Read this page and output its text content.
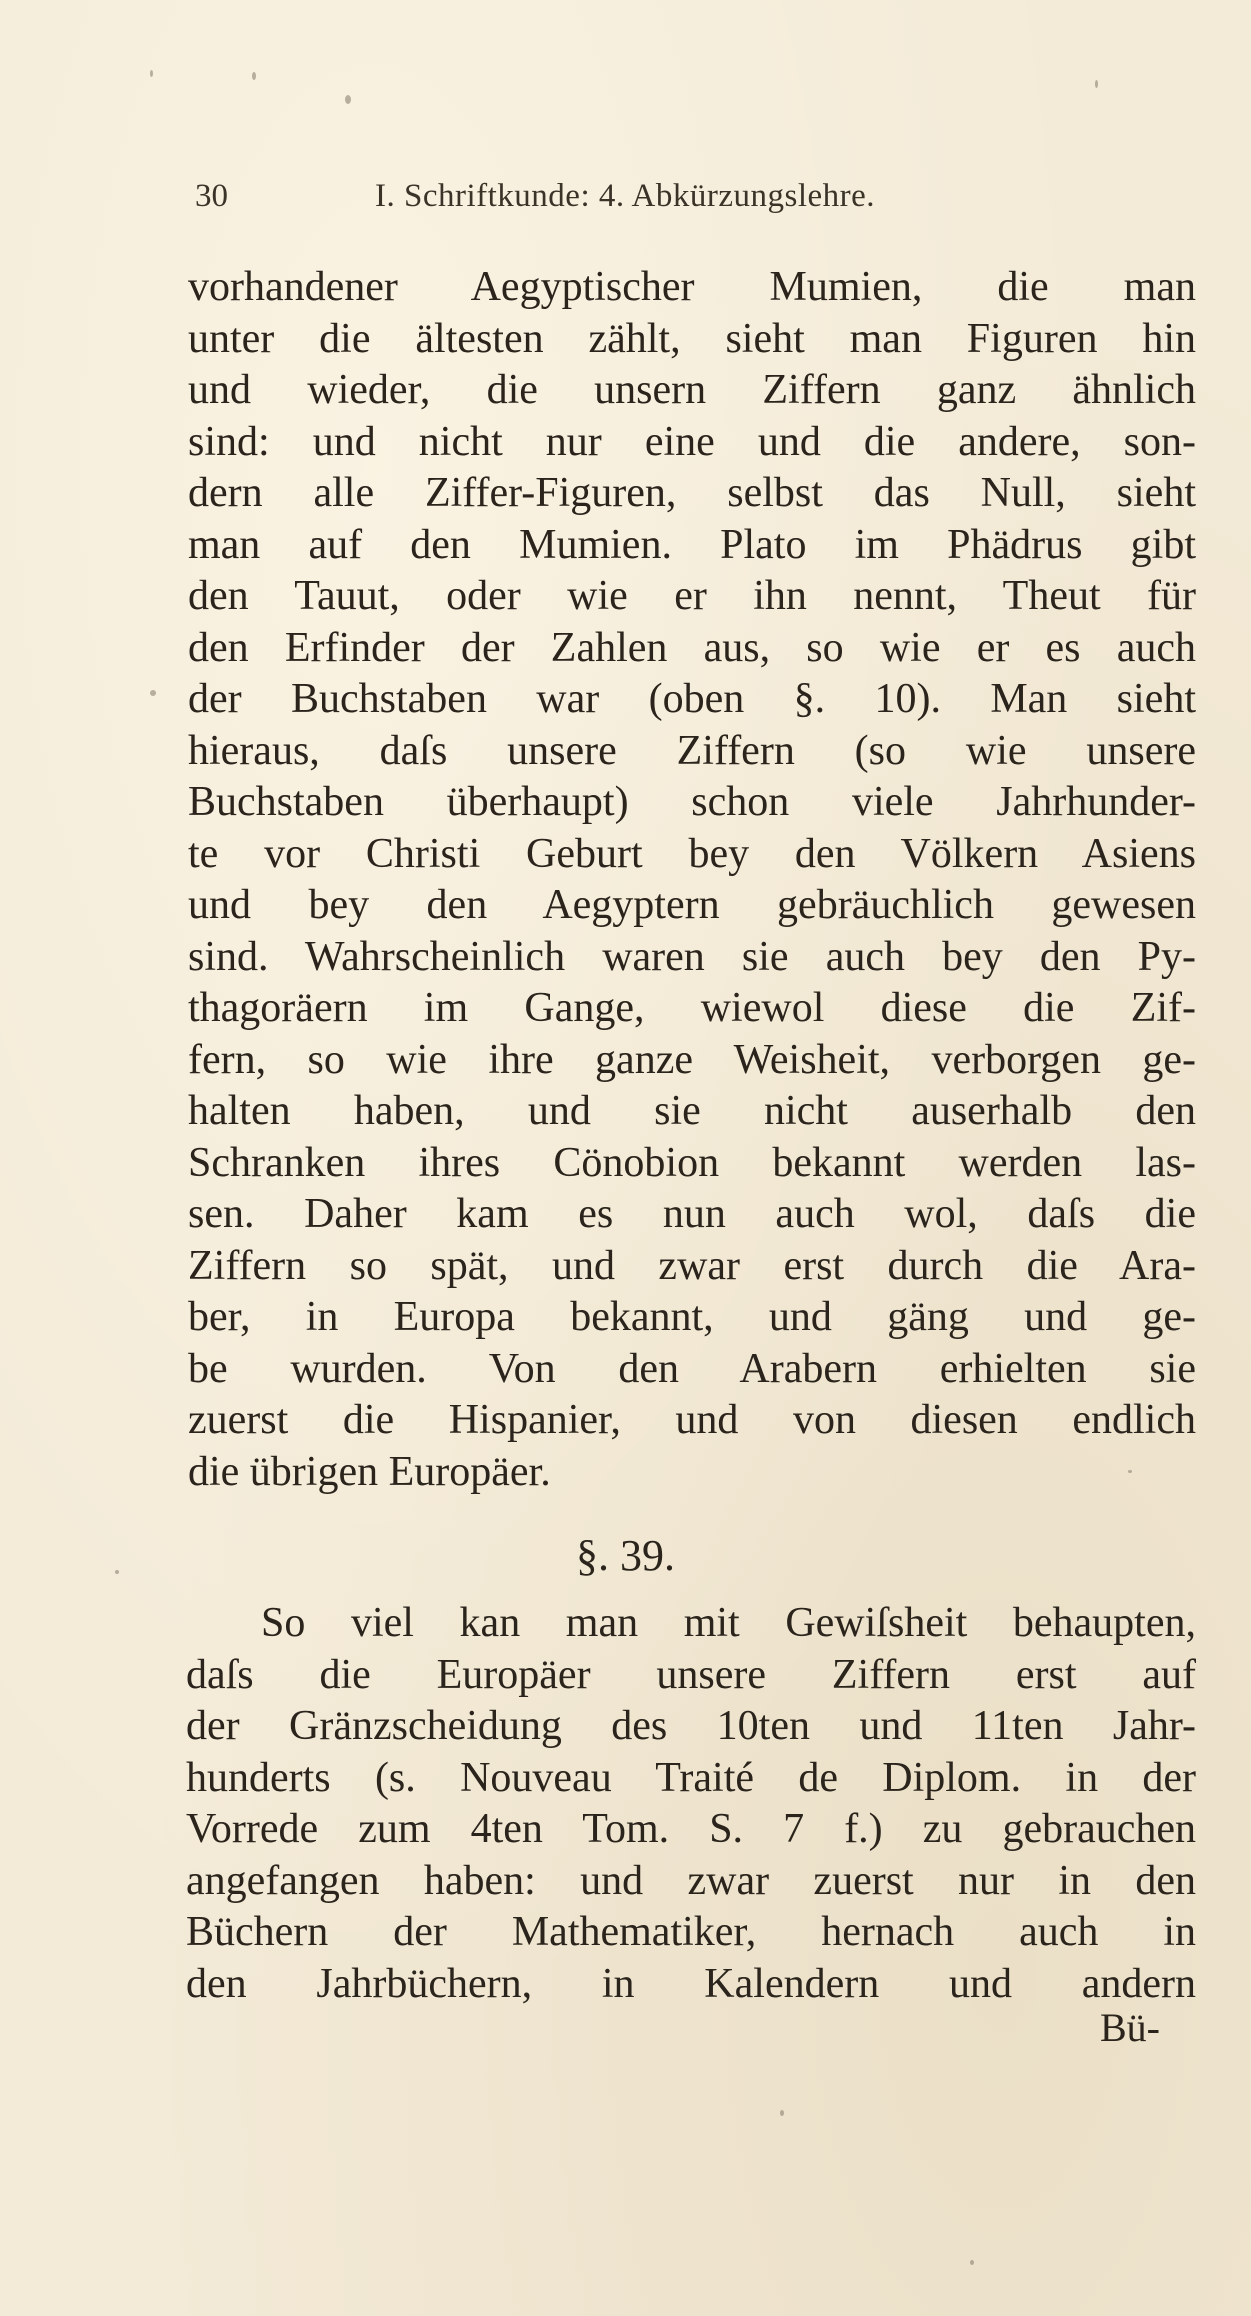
30	I. Schriftkunde: 4. Abkürzungslehre.
vorhandener Aegyptischer Mumien, die man
unter die ältesten zählt, sieht man Figuren hin
und wieder, die unsern Ziffern ganz ähnlich
sind: und nicht nur eine und die andere, son-
dern alle Ziffer-Figuren, selbst das Null, sieht
man auf den Mumien. Plato im Phädrus gibt
den Tauut, oder wie er ihn nennt, Theut für
den Erfinder der Zahlen aus, so wie er es auch
der Buchstaben war (oben §. 10). Man sieht
hieraus, daſs unsere Ziffern (so wie unsere
Buchstaben überhaupt) schon viele Jahrhunder-
te vor Christi Geburt bey den Völkern Asiens
und bey den Aegyptern gebräuchlich gewesen
sind. Wahrscheinlich waren sie auch bey den Py-
thagoräern im Gange, wiewol diese die Zif-
fern, so wie ihre ganze Weisheit, verborgen ge-
halten haben, und sie nicht auserhalb den
Schranken ihres Cönobion bekannt werden las-
sen. Daher kam es nun auch wol, daſs die
Ziffern so spät, und zwar erst durch die Ara-
ber, in Europa bekannt, und gäng und ge-
be wurden. Von den Arabern erhielten sie
zuerst die Hispanier, und von diesen endlich
die übrigen Europäer.
§. 39.
So viel kan man mit Gewiſsheit behaupten,
daſs die Europäer unsere Ziffern erst auf
der Gränzscheidung des 10ten und 11ten Jahr-
hunderts (s. Nouveau Traité de Diplom. in der
Vorrede zum 4ten Tom. S. 7 f.) zu gebrauchen
angefangen haben: und zwar zuerst nur in den
Büchern der Mathematiker, hernach auch in
den Jahrbüchern, in Kalendern und andern
Bü-
